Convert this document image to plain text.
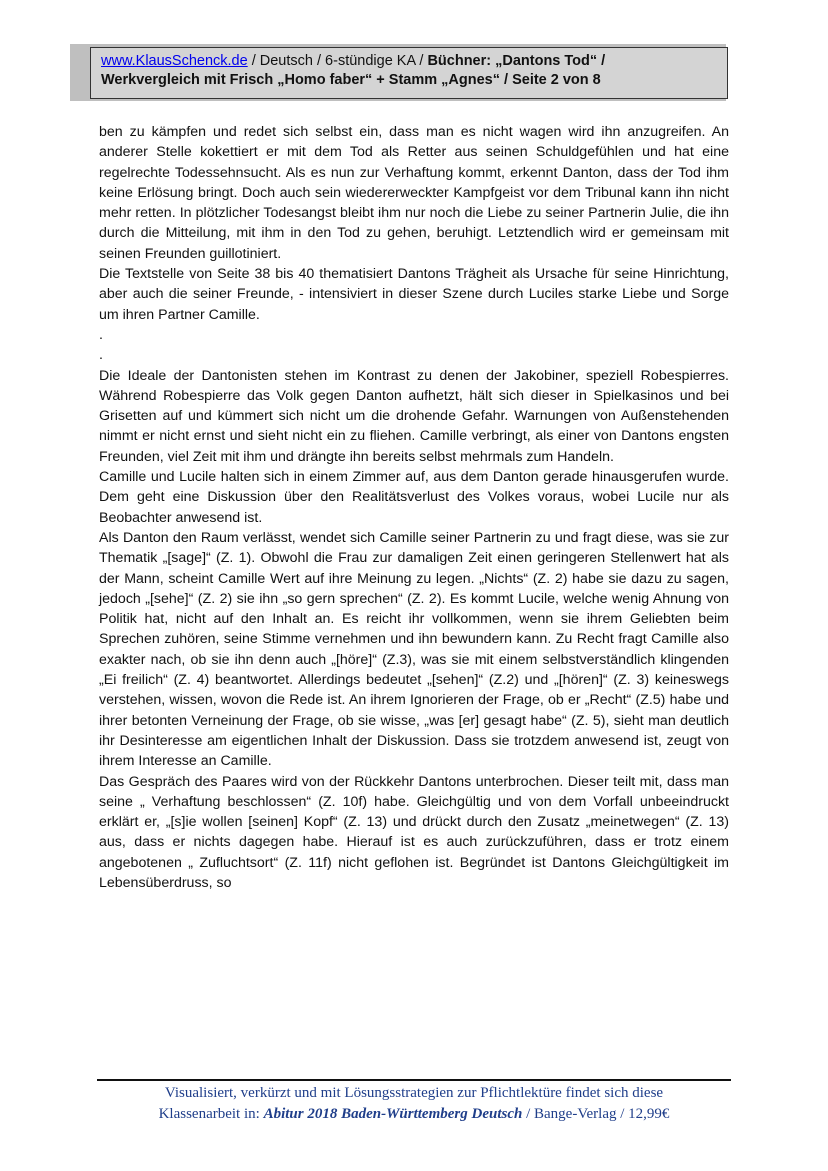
www.KlausSchenck.de / Deutsch / 6-stündige KA / Büchner: „Dantons Tod“ /
Werkvergleich mit Frisch „Homo faber“ + Stamm „Agnes“ / Seite 2 von 8

ben zu kämpfen und redet sich selbst ein, dass man es nicht wagen wird ihn anzugreifen. An anderer Stelle kokettiert er mit dem Tod als Retter aus seinen Schuldgefühlen und hat eine regelrechte Todessehnsucht. Als es nun zur Verhaftung kommt, erkennt Danton, dass der Tod ihm keine Erlösung bringt. Doch auch sein wiedererweckter Kampfgeist vor dem Tribunal kann ihn nicht mehr retten. In plötzlicher Todesangst bleibt ihm nur noch die Liebe zu seiner Partnerin Julie, die ihn durch die Mitteilung, mit ihm in den Tod zu gehen, beruhigt. Letztendlich wird er gemeinsam mit seinen Freunden guillotiniert.

Die Textstelle von Seite 38 bis 40 thematisiert Dantons Trägheit als Ursache für seine Hinrichtung, aber auch die seiner Freunde, - intensiviert in dieser Szene durch Luciles starke Liebe und Sorge um ihren Partner Camille.

.
.

Die Ideale der Dantonisten stehen im Kontrast zu denen der Jakobiner, speziell Robespierres. Während Robespierre das Volk gegen Danton aufhetzt, hält sich dieser in Spielkasinos und bei Grisetten auf und kümmert sich nicht um die drohende Gefahr. Warnungen von Außenstehenden nimmt er nicht ernst und sieht nicht ein zu fliehen. Camille verbringt, als einer von Dantons engsten Freunden, viel Zeit mit ihm und drängte ihn bereits selbst mehrmals zum Handeln.

Camille und Lucile halten sich in einem Zimmer auf, aus dem Danton gerade hinausgerufen wurde. Dem geht eine Diskussion über den Realitätsverlust des Volkes voraus, wobei Lucile nur als Beobachter anwesend ist.

Als Danton den Raum verlässt, wendet sich Camille seiner Partnerin zu und fragt diese, was sie zur Thematik „[sage]“ (Z. 1). Obwohl die Frau zur damaligen Zeit einen geringeren Stellenwert hat als der Mann, scheint Camille Wert auf ihre Meinung zu legen. „Nichts“ (Z. 2) habe sie dazu zu sagen, jedoch „[sehe]“ (Z. 2) sie ihn „so gern sprechen“ (Z. 2). Es kommt Lucile, welche wenig Ahnung von Politik hat, nicht auf den Inhalt an. Es reicht ihr vollkommen, wenn sie ihrem Geliebten beim Sprechen zuhören, seine Stimme vernehmen und ihn bewundern kann. Zu Recht fragt Camille also exakter nach, ob sie ihn denn auch „[höre]“ (Z.3), was sie mit einem selbstverständlich klingenden „Ei freilich“ (Z. 4) beantwortet. Allerdings bedeutet „[sehen]“ (Z.2) und „[hören]“ (Z. 3) keineswegs verstehen, wissen, wovon die Rede ist. An ihrem Ignorieren der Frage, ob er „Recht“ (Z.5) habe und ihrer betonten Verneinung der Frage, ob sie wisse, „was [er] gesagt habe“ (Z. 5), sieht man deutlich ihr Desinteresse am eigentlichen Inhalt der Diskussion. Dass sie trotzdem anwesend ist, zeugt von ihrem Interesse an Camille.

Das Gespräch des Paares wird von der Rückkehr Dantons unterbrochen. Dieser teilt mit, dass man seine „ Verhaftung beschlossen“ (Z. 10f) habe. Gleichgültig und von dem Vorfall unbeeindruckt erklärt er, „[s]ie wollen [seinen] Kopf“ (Z. 13) und drückt durch den Zusatz „meinetwegen“ (Z. 13) aus, dass er nichts dagegen habe. Hierauf ist es auch zurückzuführen, dass er trotz einem angebotenen „ Zufluchtsort“ (Z. 11f) nicht geflohen ist. Begründet ist Dantons Gleichgültigkeit im Lebensüberdruss, so

Visualisiert, verkürzt und mit Lösungsstrategien zur Pflichtlektüre findet sich diese
Klassenarbeit in: Abitur 2018 Baden-Württemberg Deutsch / Bange-Verlag / 12,99€
